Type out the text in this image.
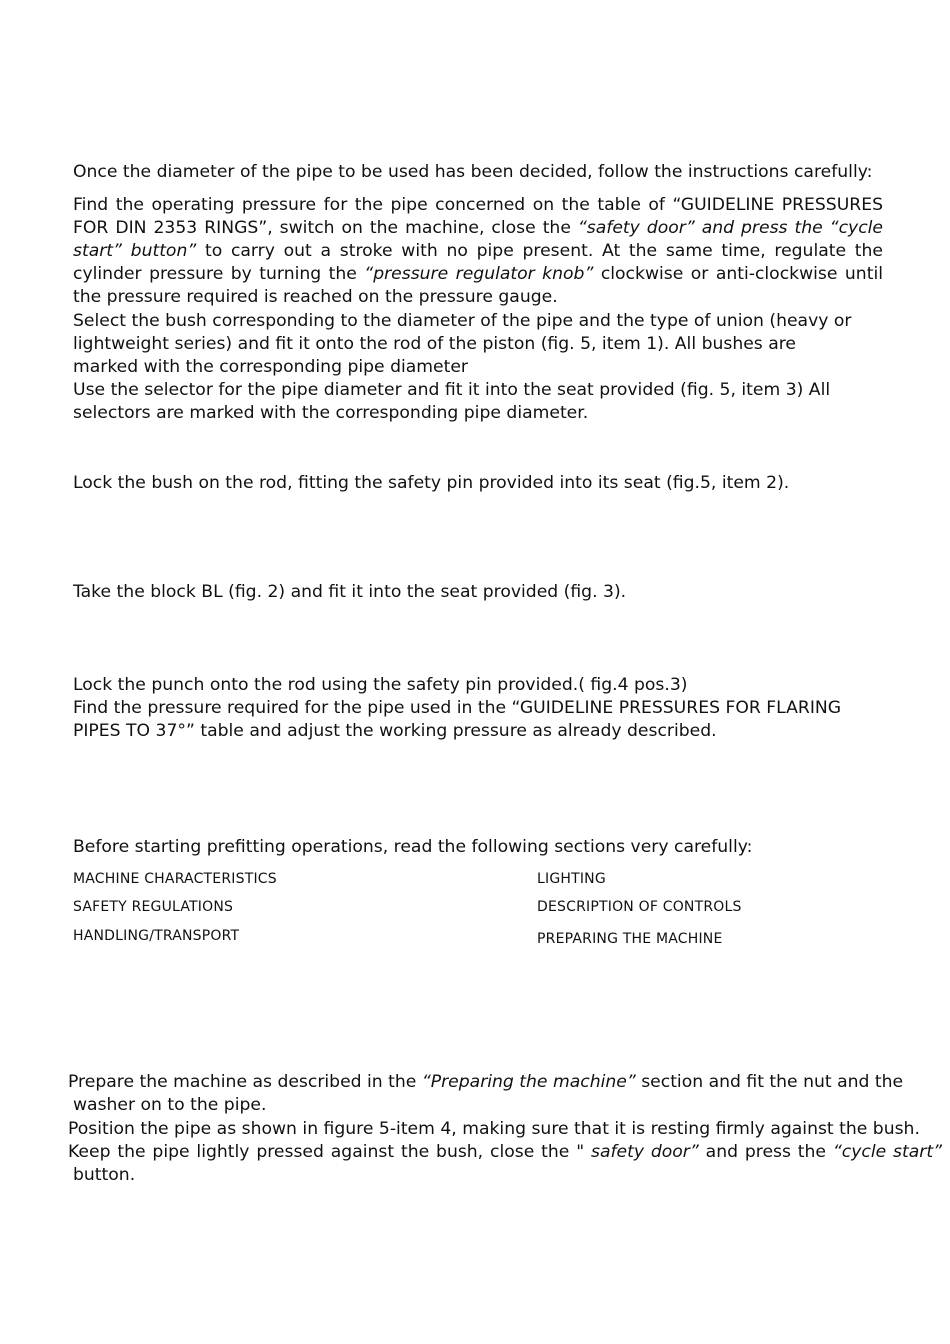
Once the diameter of the pipe to be used has been decided, follow the instructions carefully:

Find the operating pressure for the pipe concerned on the table of “GUIDELINE PRESSURES FOR DIN 2353 RINGS”, switch on the machine, close the “safety door” and press the “cycle start” button” to carry out a stroke with no pipe present. At the same time, regulate the cylinder pressure by turning the “pressure regulator knob” clockwise or anti-clockwise until the pressure required is reached on the pressure gauge.

Select the bush corresponding to the diameter of the pipe and the type of union (heavy or lightweight series) and fit it onto the rod of the piston (fig. 5, item 1). All bushes are marked with the corresponding pipe diameter

Use the selector for the pipe diameter and fit it into the seat provided (fig. 5, item 3) All selectors are marked with the corresponding pipe diameter.

Lock the bush on the rod, fitting the safety pin provided into its seat (fig.5, item 2).

Take the block BL (fig. 2) and fit it into the seat provided (fig. 3).

Lock the punch onto the rod using the safety pin provided.( fig.4 pos.3)

Find the pressure required for the pipe used in the “GUIDELINE PRESSURES FOR FLARING PIPES TO 37°” table and adjust the working pressure as already described.

Before starting prefitting operations, read the following sections very carefully:

MACHINE CHARACTERISTICS
SAFETY REGULATIONS
HANDLING/TRANSPORT
LIGHTING
DESCRIPTION OF CONTROLS
PREPARING THE MACHINE

Prepare the machine as described in the “Preparing the machine” section and fit the nut and the

washer on to the pipe.

Position the pipe as shown in figure 5-item 4, making sure that it is resting firmly against the bush.

Keep the pipe lightly pressed against the bush, close the " safety door” and press the “cycle start”

button.
